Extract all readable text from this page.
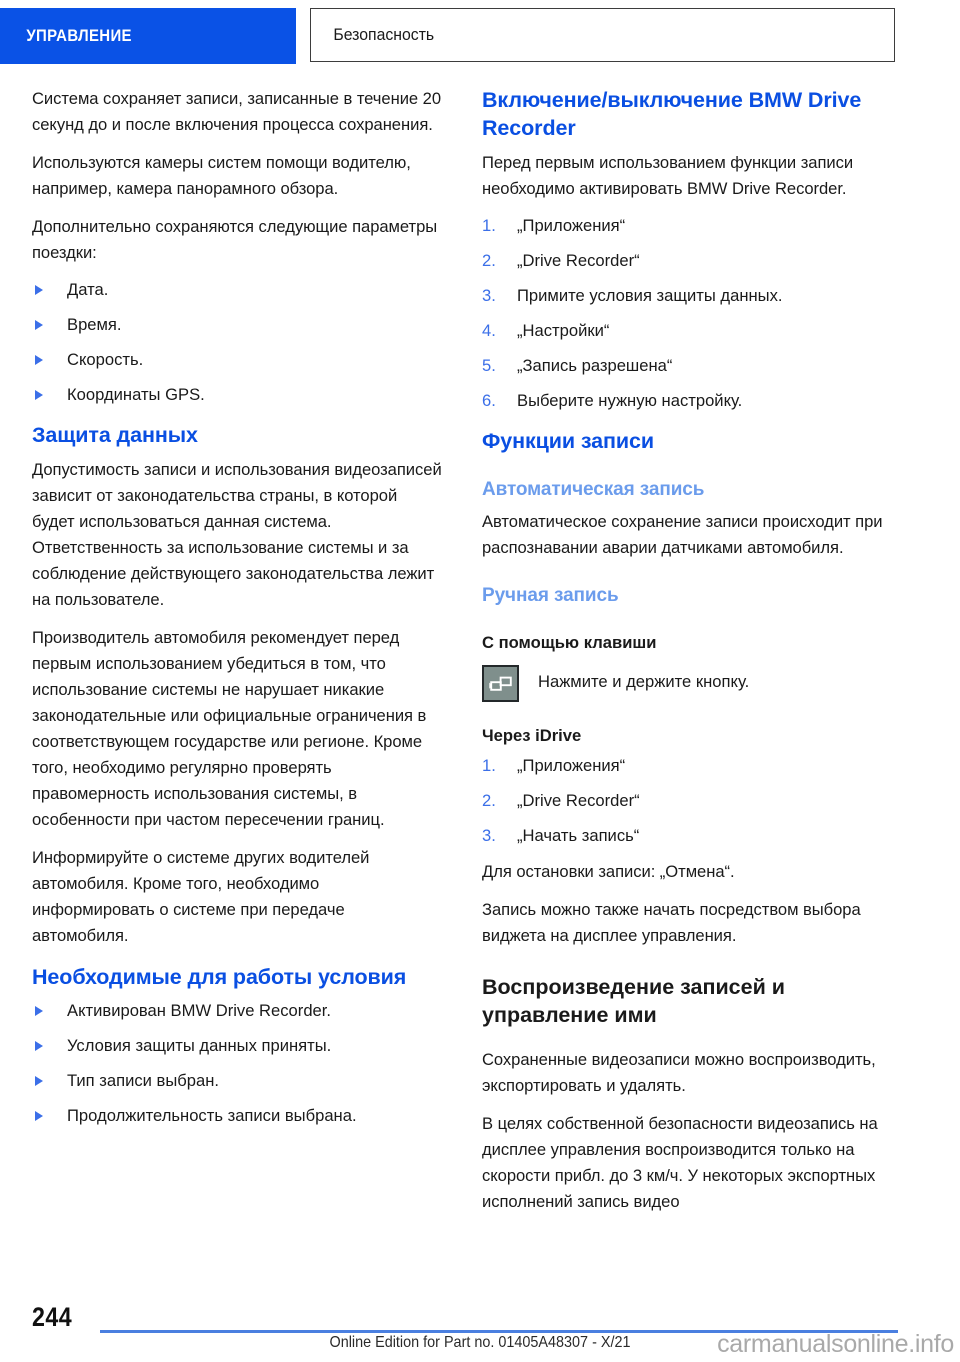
УПРАВЛЕНИЕ	Безопасность

Система сохраняет записи, записанные в течение 20 секунд до и после включения процесса сохранения.

Используются камеры систем помощи водителю, например, камера панорамного обзора.

Дополнительно сохраняются следующие параметры поездки:

Дата.
Время.
Скорость.
Координаты GPS.
Защита данных

Допустимость записи и использования видеозаписей зависит от законодательства страны, в которой будет использоваться данная система. Ответственность за использование системы и за соблюдение действующего законодательства лежит на пользователе.

Производитель автомобиля рекомендует перед первым использованием убедиться в том, что использование системы не нарушает никакие законодательные или официальные ограничения в соответствующем государстве или регионе. Кроме того, необходимо регулярно проверять правомерность использования системы, в особенности при частом пересечении границ.

Информируйте о системе других водителей автомобиля. Кроме того, необходимо информировать о системе при передаче автомобиля.

Необходимые для работы условия
Активирован BMW Drive Recorder.
Условия защиты данных приняты.
Тип записи выбран.
Продолжительность записи выбрана.
Включение/выключение BMW Drive Recorder

Перед первым использованием функции записи необходимо активировать BMW Drive Recorder.

1. „Приложения“
2. „Drive Recorder“
3. Примите условия защиты данных.
4. „Настройки“
5. „Запись разрешена“
6. Выберите нужную настройку.
Функции записи
Автоматическая запись

Автоматическое сохранение записи происходит при распознавании аварии датчиками автомобиля.

Ручная запись
С помощью клавиши
Нажмите и держите кнопку.
Через iDrive
1. „Приложения“
2. „Drive Recorder“
3. „Начать запись“

Для остановки записи: „Отмена“.

Запись можно также начать посредством выбора виджета на дисплее управления.

Воспроизведение записей и управление ими

Сохраненные видеозаписи можно воспроизводить, экспортировать и удалять.

В целях собственной безопасности видеозапись на дисплее управления воспроизводится только на скорости прибл. до 3 км/ч. У некоторых экспортных исполнений запись видео

244
Online Edition for Part no. 01405A48307 - X/21	carmanualsonline.info
